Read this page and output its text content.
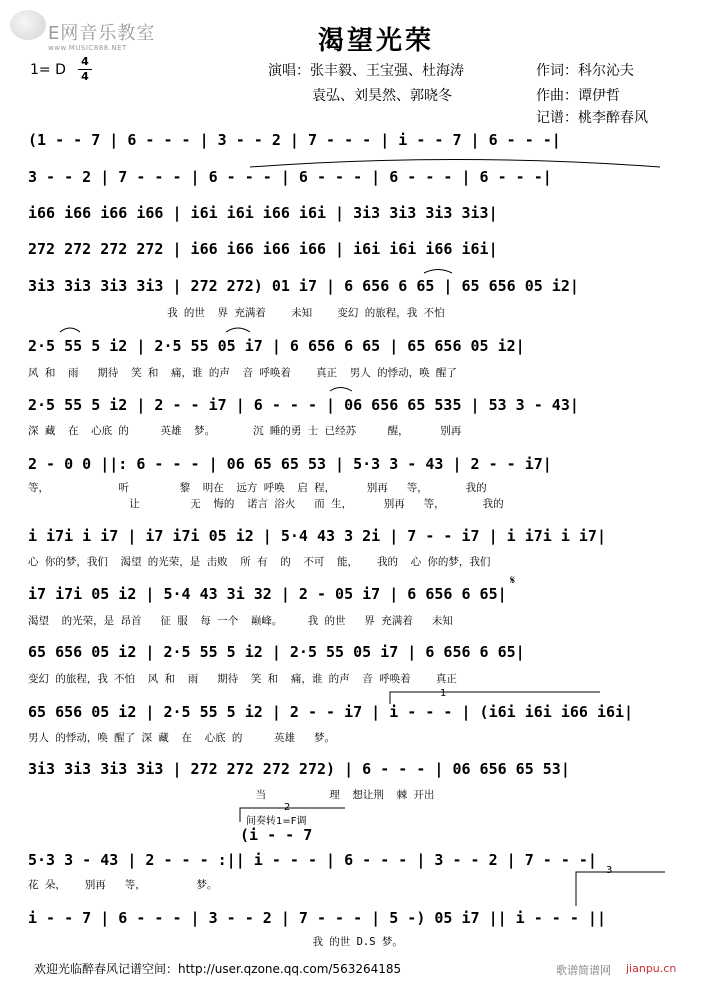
E网音乐教室
www.MUSIC888.NET	渴望光荣
1= D
4
4	演唱：张丰毅、王宝强、杜海涛
袁弘、刘昊然、郭晓冬
作词：科尔沁夫
作曲：谭伊哲
记谱：桃李醉春风
(1 - - 7 | 6 - - - | 3 - - 2 | 7 - - - | i - - 7 | 6 - - -|
3 - - 2 | 7 - - - | 6 - - - | 6 - - - | 6 - - - | 6 - - -|
i66 i66 i66 i66 | i6i i6i i66 i6i | 3i3 3i3 3i3 3i3|
272 272 272 272 | i66 i66 i66 i66 | i6i i6i i66 i6i|
3i3 3i3 3i3 3i3 | 272 272) 01 i7 | 6 656 6 65 | 65 656 05 i2|
我 的世  界 充满着    未知    变幻 的旅程，我 不怕
2·5 55 5 i2 | 2·5 55 05 i7 | 6 656 6 65 | 65 656 05 i2|
风 和  雨   期待  笑 和  痛，谁 的声  音 呼唤着    真正  男人 的悸动，唤 醒了
2·5 55 5 i2 | 2 - - i7 | 6 - - - | 06 656 65 535 | 53 3 - 43|
深 藏  在  心底 的     英雄  梦。      沉 睡的勇 士 已经苏     醒，     别再
2 - 0 0 ||: 6 - - - | 06 65 65 53 | 5·3 3 - 43 | 2 - - i7|
等，           听        黎  明在  远方 呼唤  启 程，     别再   等，      我的
让        无  悔的  诺言 浴火   而 生，     别再   等，      我的
i i7i i i7 | i7 i7i 05 i2 | 5·4 43 3 2i | 7 - - i7 | i i7i i i7|
心 你的梦，我们  渴望 的光荣，是 击败  所 有  的  不可  能，   我的  心 你的梦，我们
i7 i7i 05 i2 | 5·4 43 3i 32 | 2 - 05 i7 | 6 656 6 65|
渴望  的光荣，是 昂首   征 服  每 一个  巅峰。    我 的世   界 充满着   未知
65 656 05 i2 | 2·5 55 5 i2 | 2·5 55 05 i7 | 6 656 6 65|
变幻 的旅程，我 不怕  风 和  雨   期待  笑 和  痛，谁 的声  音 呼唤着    真正
65 656 05 i2 | 2·5 55 5 i2 | 2 - - i7 | i - - - | (i6i i6i i66 i6i|
男人 的悸动，唤 醒了 深 藏  在  心底 的     英雄   梦。
3i3 3i3 3i3 3i3 | 272 272 272 272) | 6 - - - | 06 656 65 53|
当          理  想让荆  棘 开出
间奏转1=F调
2
(i - - 7
1
3
5·3 3 - 43 | 2 - - - :|| i - - - | 6 - - - | 3 - - 2 | 7 - - -|
花 朵，   别再   等，        梦。
i - - 7 | 6 - - - | 3 - - 2 | 7 - - - | 5 -) 05 i7 || i - - - ||
我 的世 D.S 梦。
欢迎光临醉春风记谱空间：http://user.qzone.qq.com/563264185	歌谱简谱网 jianpu.cn
𝄋
